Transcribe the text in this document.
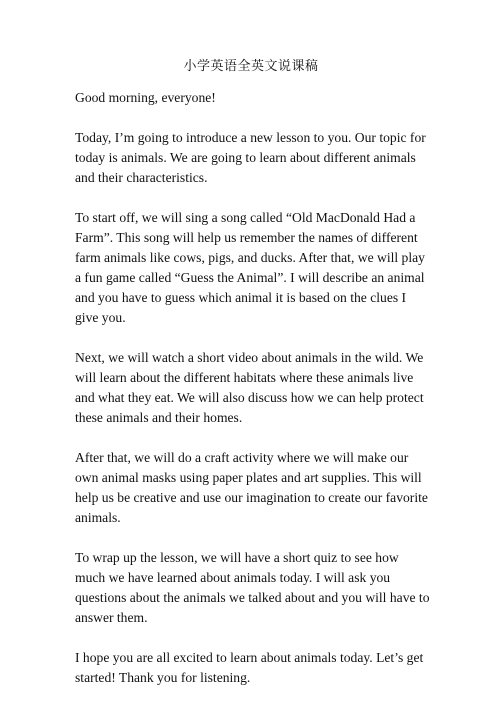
小学英语全英文说课稿

Good morning, everyone!

Today, I’m going to introduce a new lesson to you. Our topic for today is animals. We are going to learn about different animals and their characteristics.

To start off, we will sing a song called “Old MacDonald Had a Farm”. This song will help us remember the names of different farm animals like cows, pigs, and ducks. After that, we will play a fun game called “Guess the Animal”. I will describe an animal and you have to guess which animal it is based on the clues I give you.

Next, we will watch a short video about animals in the wild. We will learn about the different habitats where these animals live and what they eat. We will also discuss how we can help protect these animals and their homes.

After that, we will do a craft activity where we will make our own animal masks using paper plates and art supplies. This will help us be creative and use our imagination to create our favorite animals.

To wrap up the lesson, we will have a short quiz to see how much we have learned about animals today. I will ask you questions about the animals we talked about and you will have to answer them.

I hope you are all excited to learn about animals today. Let’s get started! Thank you for listening.
